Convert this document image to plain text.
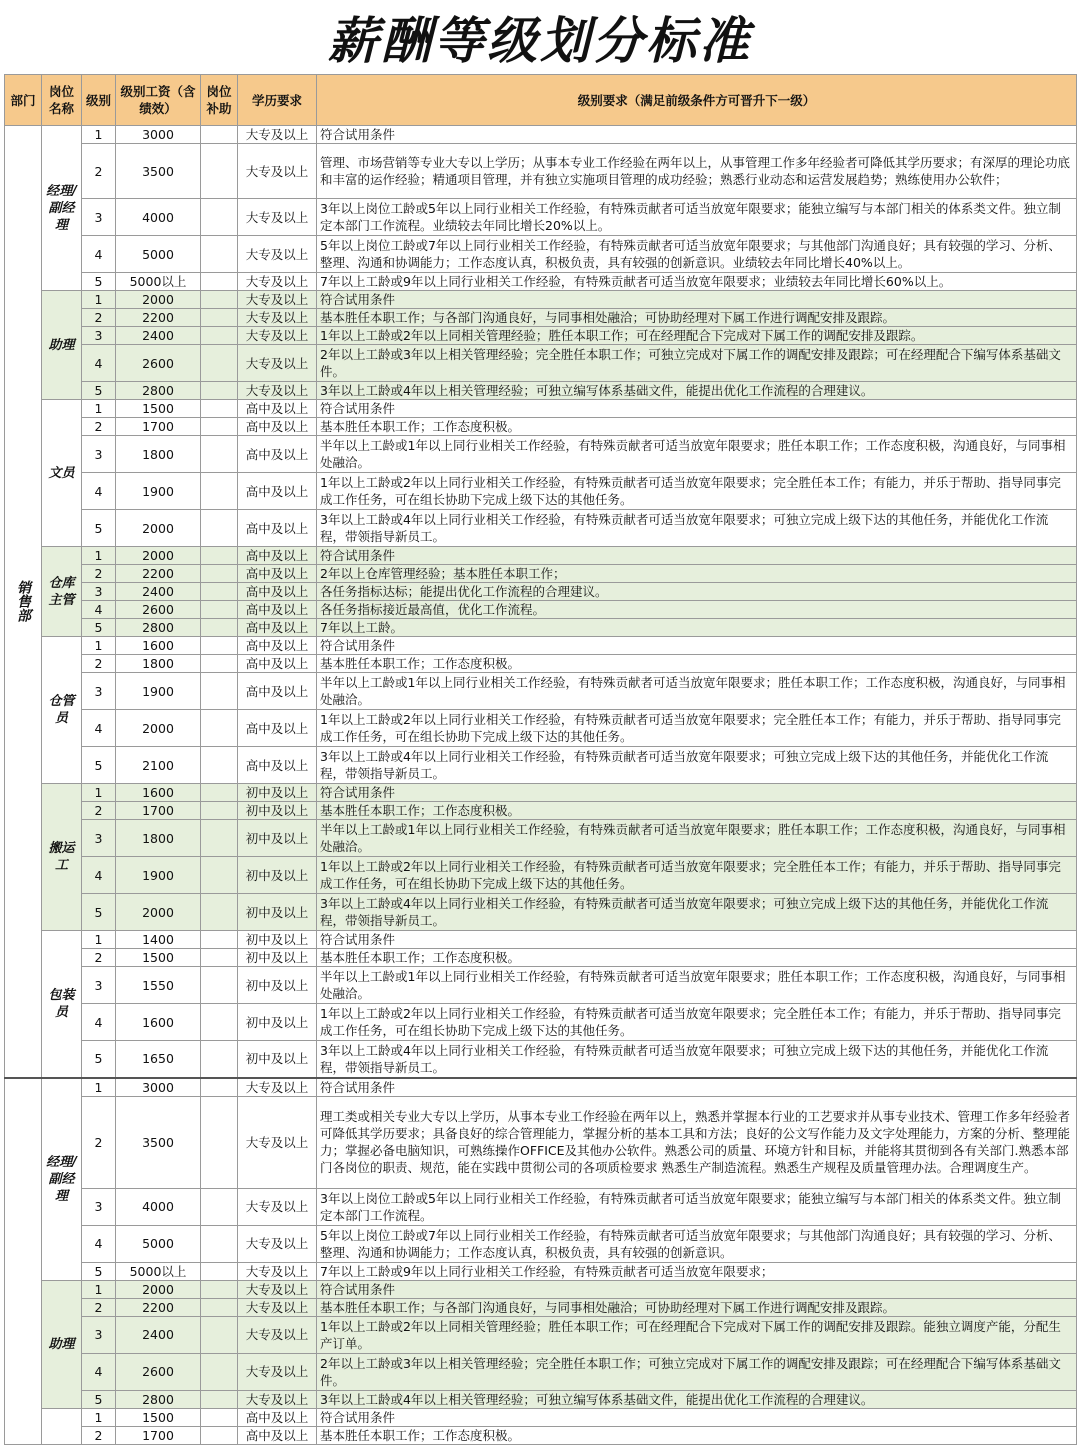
薪酬等级划分标准
部门	岗位名称	级别	级别工资（含绩效）	岗位补助	学历要求	级别要求（满足前级条件方可晋升下一级）
销售部	经理/副经理	1	3000		大专及以上	符合试用条件
		2	3500		大专及以上	管理、市场营销等专业大专以上学历；从事本专业工作经验在两年以上，从事管理工作多年经验者可降低其学历要求；有深厚的理论功底和丰富的运作经验；精通项目管理，并有独立实施项目管理的成功经验；熟悉行业动态和运营发展趋势；熟练使用办公软件；
		3	4000		大专及以上	3年以上岗位工龄或5年以上同行业相关工作经验，有特殊贡献者可适当放宽年限要求；能独立编写与本部门相关的体系类文件。独立制定本部门工作流程。业绩较去年同比增长20%以上。
		4	5000		大专及以上	5年以上岗位工龄或7年以上同行业相关工作经验，有特殊贡献者可适当放宽年限要求；与其他部门沟通良好；具有较强的学习、分析、整理、沟通和协调能力；工作态度认真，积极负责，具有较强的创新意识。业绩较去年同比增长40%以上。
		5	5000以上		大专及以上	7年以上工龄或9年以上同行业相关工作经验，有特殊贡献者可适当放宽年限要求；业绩较去年同比增长60%以上。
	助理	1	2000		大专及以上	符合试用条件
		2	2200		大专及以上	基本胜任本职工作；与各部门沟通良好，与同事相处融洽；可协助经理对下属工作进行调配安排及跟踪。
		3	2400		大专及以上	1年以上工龄或2年以上同相关管理经验；胜任本职工作；可在经理配合下完成对下属工作的调配安排及跟踪。
		4	2600		大专及以上	2年以上工龄或3年以上相关管理经验；完全胜任本职工作；可独立完成对下属工作的调配安排及跟踪；可在经理配合下编写体系基础文件。
		5	2800		大专及以上	3年以上工龄或4年以上相关管理经验；可独立编写体系基础文件，能提出优化工作流程的合理建议。
	文员	1	1500		高中及以上	符合试用条件
		2	1700		高中及以上	基本胜任本职工作；工作态度积极。
		3	1800		高中及以上	半年以上工龄或1年以上同行业相关工作经验，有特殊贡献者可适当放宽年限要求；胜任本职工作；工作态度积极，沟通良好，与同事相处融洽。
		4	1900		高中及以上	1年以上工龄或2年以上同行业相关工作经验，有特殊贡献者可适当放宽年限要求；完全胜任本工作；有能力，并乐于帮助、指导同事完成工作任务，可在组长协助下完成上级下达的其他任务。
		5	2000		高中及以上	3年以上工龄或4年以上同行业相关工作经验，有特殊贡献者可适当放宽年限要求；可独立完成上级下达的其他任务，并能优化工作流程，带领指导新员工。
	仓库主管	1	2000		高中及以上	符合试用条件
		2	2200		高中及以上	2年以上仓库管理经验；基本胜任本职工作；
		3	2400		高中及以上	各任务指标达标；能提出优化工作流程的合理建议。
		4	2600		高中及以上	各任务指标接近最高值，优化工作流程。
		5	2800		高中及以上	7年以上工龄。
	仓管员	1	1600		高中及以上	符合试用条件
		2	1800		高中及以上	基本胜任本职工作；工作态度积极。
		3	1900		高中及以上	半年以上工龄或1年以上同行业相关工作经验，有特殊贡献者可适当放宽年限要求；胜任本职工作；工作态度积极，沟通良好，与同事相处融洽。
		4	2000		高中及以上	1年以上工龄或2年以上同行业相关工作经验，有特殊贡献者可适当放宽年限要求；完全胜任本工作；有能力，并乐于帮助、指导同事完成工作任务，可在组长协助下完成上级下达的其他任务。
		5	2100		高中及以上	3年以上工龄或4年以上同行业相关工作经验，有特殊贡献者可适当放宽年限要求；可独立完成上级下达的其他任务，并能优化工作流程，带领指导新员工。
	搬运工	1	1600		初中及以上	符合试用条件
		2	1700		初中及以上	基本胜任本职工作；工作态度积极。
		3	1800		初中及以上	半年以上工龄或1年以上同行业相关工作经验，有特殊贡献者可适当放宽年限要求；胜任本职工作；工作态度积极，沟通良好，与同事相处融洽。
		4	1900		初中及以上	1年以上工龄或2年以上同行业相关工作经验，有特殊贡献者可适当放宽年限要求；完全胜任本工作；有能力，并乐于帮助、指导同事完成工作任务，可在组长协助下完成上级下达的其他任务。
		5	2000		初中及以上	3年以上工龄或4年以上同行业相关工作经验，有特殊贡献者可适当放宽年限要求；可独立完成上级下达的其他任务，并能优化工作流程，带领指导新员工。
	包装员	1	1400		初中及以上	符合试用条件
		2	1500		初中及以上	基本胜任本职工作；工作态度积极。
		3	1550		初中及以上	半年以上工龄或1年以上同行业相关工作经验，有特殊贡献者可适当放宽年限要求；胜任本职工作；工作态度积极，沟通良好，与同事相处融洽。
		4	1600		初中及以上	1年以上工龄或2年以上同行业相关工作经验，有特殊贡献者可适当放宽年限要求；完全胜任本工作；有能力，并乐于帮助、指导同事完成工作任务，可在组长协助下完成上级下达的其他任务。
		5	1650		初中及以上	3年以上工龄或4年以上同行业相关工作经验，有特殊贡献者可适当放宽年限要求；可独立完成上级下达的其他任务，并能优化工作流程，带领指导新员工。
	经理/副经理	1	3000		大专及以上	符合试用条件
		2	3500		大专及以上	理工类或相关专业大专以上学历，从事本专业工作经验在两年以上，熟悉并掌握本行业的工艺要求并从事专业技术、管理工作多年经验者可降低其学历要求；具备良好的综合管理能力，掌握分析的基本工具和方法；良好的公文写作能力及文字处理能力，方案的分析、整理能力；掌握必备电脑知识，可熟练操作OFFICE及其他办公软件。熟悉公司的质量、环境方针和目标，并能将其贯彻到各有关部门.熟悉本部门各岗位的职责、规范，能在实践中贯彻公司的各项质检要求 熟悉生产制造流程。熟悉生产规程及质量管理办法。合理调度生产。
		3	4000		大专及以上	3年以上岗位工龄或5年以上同行业相关工作经验，有特殊贡献者可适当放宽年限要求；能独立编写与本部门相关的体系类文件。独立制定本部门工作流程。
		4	5000		大专及以上	5年以上岗位工龄或7年以上同行业相关工作经验，有特殊贡献者可适当放宽年限要求；与其他部门沟通良好；具有较强的学习、分析、整理、沟通和协调能力；工作态度认真，积极负责，具有较强的创新意识。
		5	5000以上		大专及以上	7年以上工龄或9年以上同行业相关工作经验，有特殊贡献者可适当放宽年限要求；
	助理	1	2000		大专及以上	符合试用条件
		2	2200		大专及以上	基本胜任本职工作；与各部门沟通良好，与同事相处融洽；可协助经理对下属工作进行调配安排及跟踪。
		3	2400		大专及以上	1年以上工龄或2年以上同相关管理经验；胜任本职工作；可在经理配合下完成对下属工作的调配安排及跟踪。能独立调度产能，分配生产订单。
		4	2600		大专及以上	2年以上工龄或3年以上相关管理经验；完全胜任本职工作；可独立完成对下属工作的调配安排及跟踪；可在经理配合下编写体系基础文件。
		5	2800		大专及以上	3年以上工龄或4年以上相关管理经验；可独立编写体系基础文件，能提出优化工作流程的合理建议。
		1	1500		高中及以上	符合试用条件
		2	1700		高中及以上	基本胜任本职工作；工作态度积极。
